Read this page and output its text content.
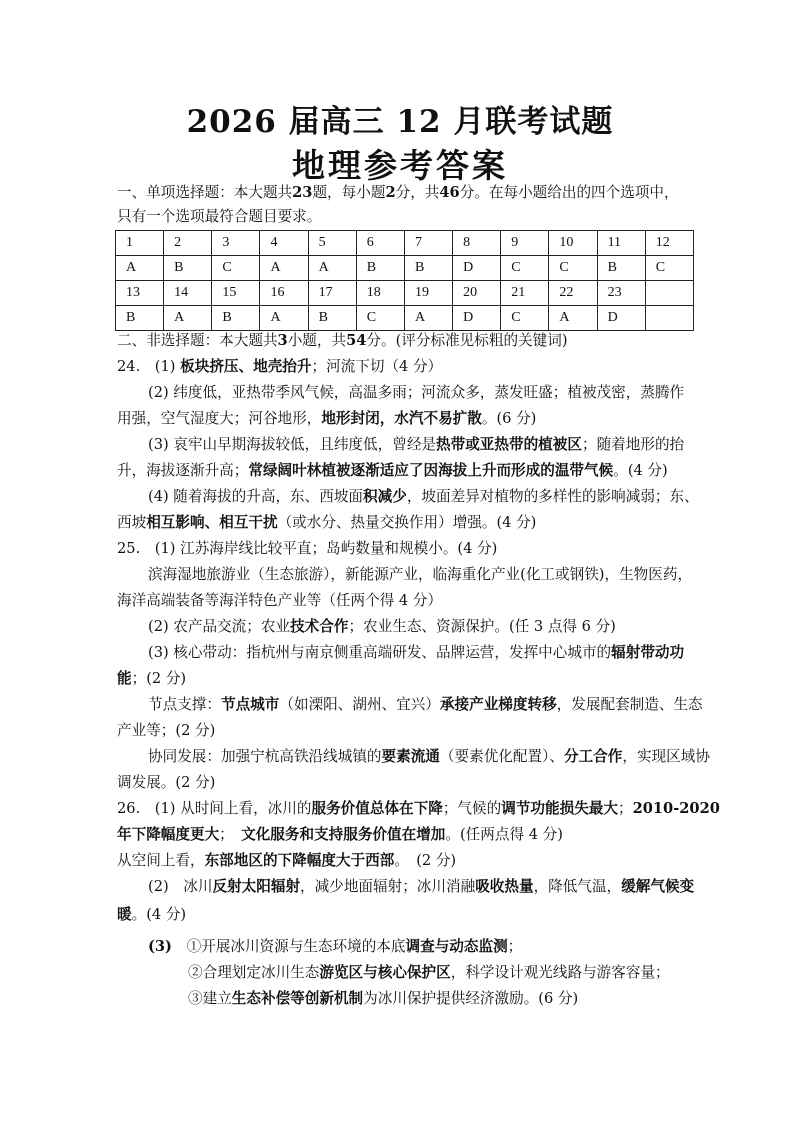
2026 届高三 12 月联考试题
地理参考答案
一、单项选择题：本大题共23题，每小题2分，共46分。在每小题给出的四个选项中，
只有一个选项最符合题目要求。
1	2	3	4	5	6	7	8	9	10	11	12
A	B	C	A	A	B	B	D	C	C	B	C
13	14	15	16	17	18	19	20	21	22	23	
B	A	B	A	B	C	A	D	C	A	D	
二、非选择题：本大题共3小题，共54分。(评分标准见标粗的关键词)
24.　(1) 板块挤压、地壳抬升；河流下切（4 分）
(2) 纬度低，亚热带季风气候，高温多雨；河流众多，蒸发旺盛；植被茂密，蒸腾作
用强，空气湿度大；河谷地形，地形封闭，水汽不易扩散。(6 分)
(3) 哀牢山早期海拔较低，且纬度低，曾经是热带或亚热带的植被区；随着地形的抬
升，海拔逐渐升高；常绿阔叶林植被逐渐适应了因海拔上升而形成的温带气候。(4 分)
(4) 随着海拔的升高，东、西坡面积减少，坡面差异对植物的多样性的影响减弱；东、
西坡相互影响、相互干扰（或水分、热量交换作用）增强。(4 分)
25.　(1) 江苏海岸线比较平直；岛屿数量和规模小。(4 分)
滨海湿地旅游业（生态旅游），新能源产业，临海重化产业(化工或钢铁)，生物医药，
海洋高端装备等海洋特色产业等（任两个得 4 分）
(2) 农产品交流；农业技术合作；农业生态、资源保护。(任 3 点得 6 分)
(3) 核心带动：指杭州与南京侧重高端研发、品牌运营，发挥中心城市的辐射带动功
能；(2 分)
节点支撑：节点城市（如溧阳、湖州、宜兴）承接产业梯度转移，发展配套制造、生态
产业等；(2 分)
协同发展：加强宁杭高铁沿线城镇的要素流通（要素优化配置）、分工合作，实现区域协
调发展。(2 分)
26.　(1) 从时间上看，冰川的服务价值总体在下降；气候的调节功能损失最大；2010-2020
年下降幅度更大；　文化服务和支持服务价值在增加。(任两点得 4 分)
从空间上看，东部地区的下降幅度大于西部。　(2 分)
(2)　冰川反射太阳辐射，减少地面辐射；冰川消融吸收热量，降低气温，缓解气候变
暖。(4 分)
(3)　 ①开展冰川资源与生态环境的本底调查与动态监测；
②合理划定冰川生态游览区与核心保护区，科学设计观光线路与游客容量；
③建立生态补偿等创新机制为冰川保护提供经济激励。(6 分)
